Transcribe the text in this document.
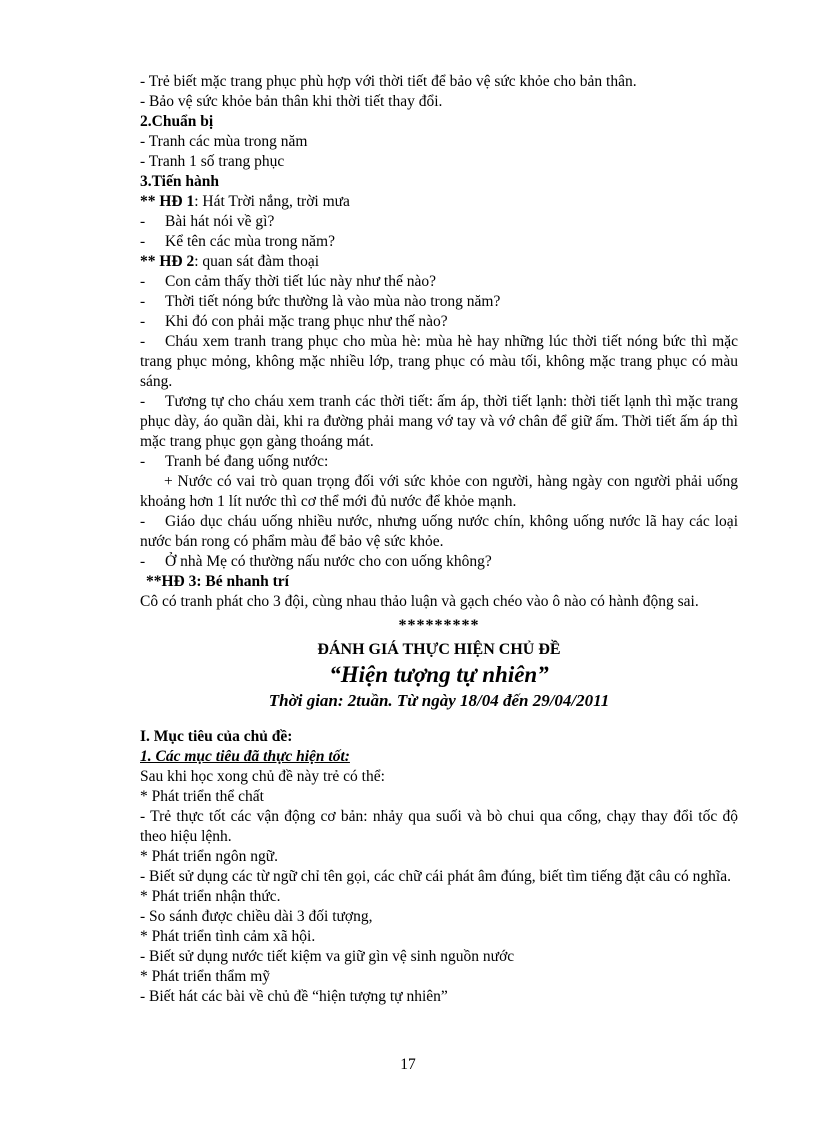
- Trẻ biết mặc trang phục phù hợp với thời tiết để bảo vệ sức khỏe cho bản thân.
- Bảo vệ sức khỏe bản thân khi thời tiết thay đổi.
2.Chuẩn bị
- Tranh các mùa trong năm
- Tranh 1 số trang phục
3.Tiến hành
** HĐ 1: Hát Trời nắng, trời mưa
- Bài hát nói về gì?
- Kể tên các mùa trong năm?
** HĐ 2: quan sát đàm thoại
- Con cảm thấy thời tiết lúc này như thế nào?
- Thời tiết nóng bức thường là vào mùa nào trong năm?
- Khi đó con phải mặc trang phục như thế nào?
- Cháu xem tranh trang phục cho mùa hè: mùa hè hay những lúc thời tiết nóng bức thì mặc trang phục mỏng, không mặc nhiều lớp, trang phục có màu tối, không mặc trang phục có màu sáng.
- Tương tự cho cháu xem tranh các thời tiết: ấm áp, thời tiết lạnh: thời tiết lạnh thì mặc trang phục dày, áo quần dài, khi ra đường phải mang vớ tay và vớ chân để giữ ấm. Thời tiết ấm áp thì mặc trang phục gọn gàng thoáng mát.
- Tranh bé đang uống nước:
+ Nước có vai trò quan trọng đối với sức khỏe con người, hàng ngày con người phải uống khoảng hơn 1 lít nước thì cơ thể mới đủ nước để khỏe mạnh.
- Giáo dục cháu uống nhiều nước, nhưng uống nước chín, không uống nước lã hay các loại nước bán rong có phẩm màu để bảo vệ sức khỏe.
- Ở nhà Mẹ có thường nấu nước cho con uống không?
**HĐ 3: Bé nhanh trí
Cô có tranh phát cho 3 đội, cùng nhau thảo luận và gạch chéo vào ô nào có hành động sai.
*********
ĐÁNH GIÁ THỰC HIỆN CHỦ ĐỀ
“Hiện tượng tự nhiên”
Thời gian: 2tuần. Từ ngày 18/04 đến 29/04/2011
I. Mục tiêu của chủ đề:
1. Các mục tiêu đã thực hiện tốt:
Sau khi học xong chủ đề này trẻ có thể:
* Phát triển thể chất
- Trẻ thực tốt các vận động cơ bản: nhảy qua suối và bò chui qua cổng, chạy thay đổi tốc độ theo hiệu lệnh.
* Phát triển ngôn ngữ.
- Biết sử dụng các từ ngữ chỉ tên gọi, các chữ cái phát âm đúng, biết tìm tiếng đặt câu có nghĩa.
* Phát triển nhận thức.
- So sánh được chiều dài 3 đối tượng,
* Phát triển tình cảm xã hội.
- Biết sử dụng nước tiết kiệm va giữ gìn vệ sinh nguồn nước
* Phát triển thẩm mỹ
- Biết hát các bài về chủ đề “hiện tượng tự nhiên”
17
